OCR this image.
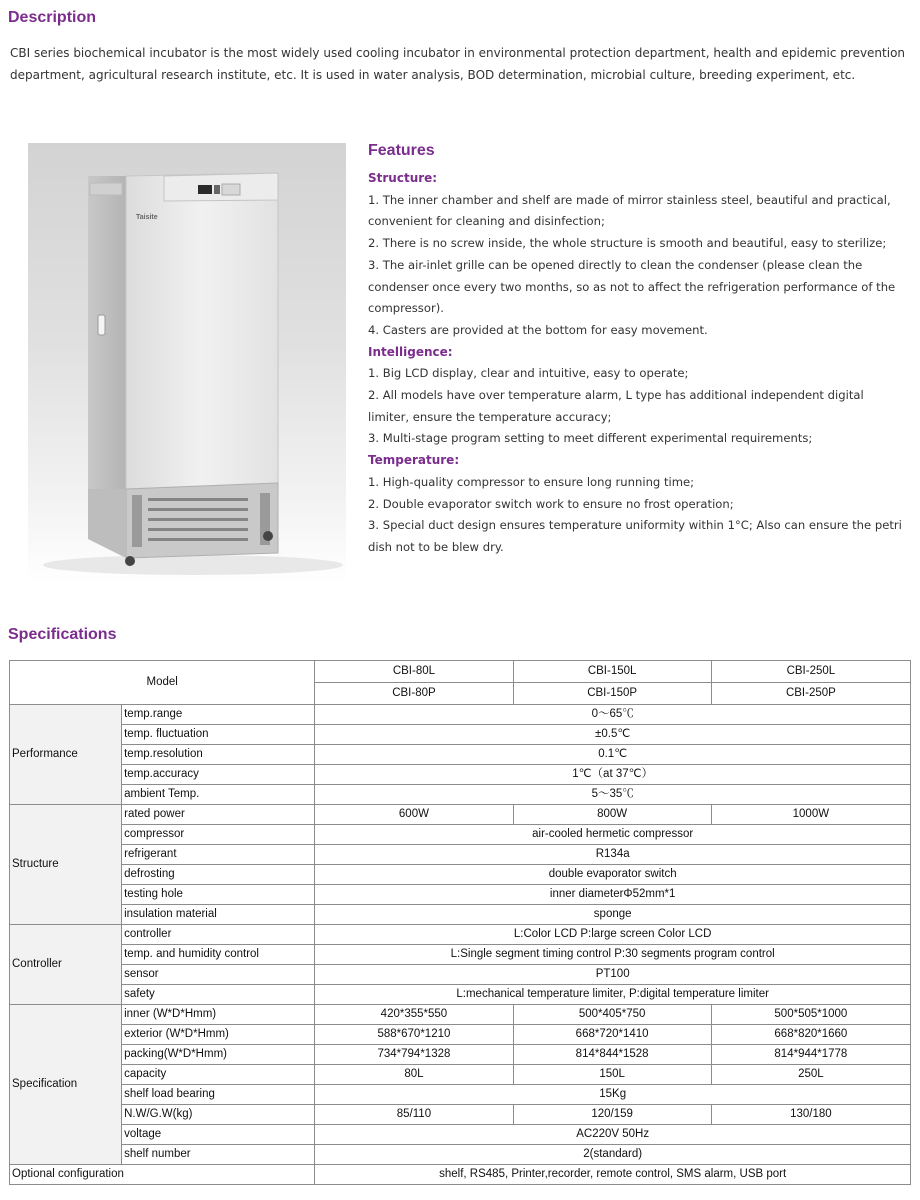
Description

CBI series biochemical incubator is the most widely used cooling incubator in environmental protection department, health and epidemic prevention department, agricultural research institute, etc. It is used in water analysis, BOD determination, microbial culture, breeding experiment, etc.

Taisite
Features
Structure:
1. The inner chamber and shelf are made of mirror stainless steel, beautiful and practical,
convenient for cleaning and disinfection;
2. There is no screw inside, the whole structure is smooth and beautiful, easy to sterilize;
3. The air-inlet grille can be opened directly to clean the condenser (please clean the
condenser once every two months, so as not to affect the refrigeration performance of the
compressor).
4. Casters are provided at the bottom for easy movement.
Intelligence:
1. Big LCD display, clear and intuitive, easy to operate;
2. All models have over temperature alarm, L type has additional independent digital
limiter, ensure the temperature accuracy;
3. Multi-stage program setting to meet different experimental requirements;
Temperature:
1. High-quality compressor to ensure long running time;
2. Double evaporator switch work to ensure no frost operation;
3. Special duct design ensures temperature uniformity within 1°C; Also can ensure the petri
dish not to be blew dry.
Specifications
Model		CBI-80L	CBI-150L	CBI-250L
		CBI-80P	CBI-150P	CBI-250P
Performance	temp.range	0～65℃		
	temp. fluctuation	±0.5℃		
	temp.resolution	0.1℃		
	temp.accuracy	1℃（at 37℃）		
	ambient Temp.	5～35℃		
Structure	rated power	600W	800W	1000W
	compressor	air-cooled hermetic compressor		
	refrigerant	R134a		
	defrosting	double evaporator switch		
	testing hole	inner diameterΦ52mm*1		
	insulation material	sponge		
Controller	controller	L:Color LCD P:large screen Color LCD		
	temp. and humidity control	L:Single segment timing control P:30 segments program control		
	sensor	PT100		
	safety	L:mechanical temperature limiter, P:digital temperature limiter		
Specification	inner (W*D*Hmm)	420*355*550	500*405*750	500*505*1000
	exterior (W*D*Hmm)	588*670*1210	668*720*1410	668*820*1660
	packing(W*D*Hmm)	734*794*1328	814*844*1528	814*944*1778
	capacity	80L	150L	250L
	shelf load bearing	15Kg		
	N.W/G.W(kg)	85/110	120/159	130/180
	voltage	AC220V 50Hz		
	shelf number	2(standard)		
Optional configuration		shelf, RS485, Printer,recorder, remote control, SMS alarm, USB port		
